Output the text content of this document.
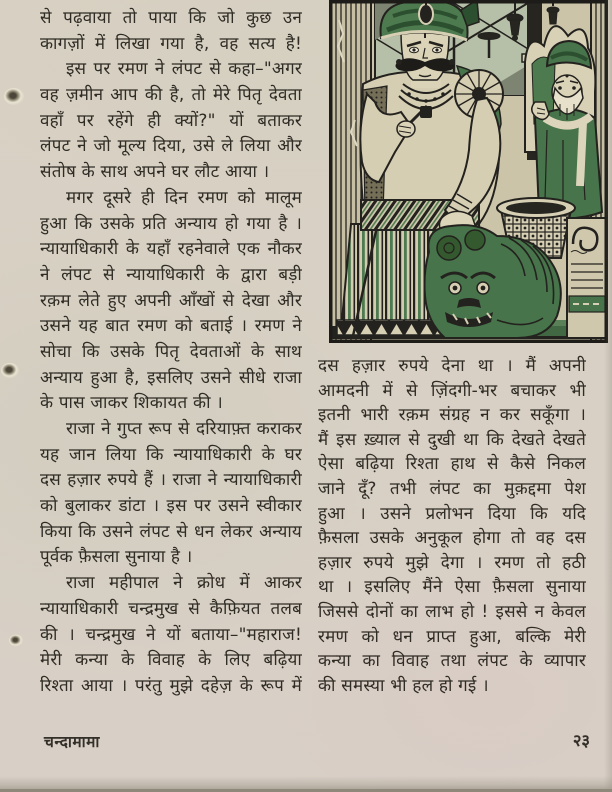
से पढ़वाया तो पाया कि जो कुछ उन
कागज़ों में लिखा गया है, वह सत्य है!
इस पर रमण ने लंपट से कहा–"अगर
वह ज़मीन आप की है, तो मेरे पितृ देवता
वहाँ पर रहेंगे ही क्यों?" यों बताकर
लंपट ने जो मूल्य दिया, उसे ले लिया और
संतोष के साथ अपने घर लौट आया ।
मगर दूसरे ही दिन रमण को मालूम
हुआ कि उसके प्रति अन्याय हो गया है ।
न्यायाधिकारी के यहाँ रहनेवाले एक नौकर
ने लंपट से न्यायाधिकारी के द्वारा बड़ी
रक़म लेते हुए अपनी आँखों से देखा और
उसने यह बात रमण को बताई । रमण ने
सोचा कि उसके पितृ देवताओं के साथ
अन्याय हुआ है, इसलिए उसने सीधे राजा
के पास जाकर शिकायत की ।
राजा ने गुप्त रूप से दरियाफ़्त कराकर
यह जान लिया कि न्यायाधिकारी के घर
दस हज़ार रुपये हैं । राजा ने न्यायाधिकारी
को बुलाकर डांटा । इस पर उसने स्वीकार
किया कि उसने लंपट से धन लेकर अन्याय
पूर्वक फ़ैसला सुनाया है ।
राजा महीपाल ने क्रोध में आकर
न्यायाधिकारी चन्द्रमुख से कैफ़ियत तलब
की । चन्द्रमुख ने यों बताया–"महाराज!
मेरी कन्या के विवाह के लिए बढ़िया
रिश्ता आया । परंतु मुझे दहेज़ के रूप में
दस हज़ार रुपये देना था । मैं अपनी
आमदनी में से ज़िंदगी-भर बचाकर भी
इतनी भारी रक़म संग्रह न कर सकूँगा ।
मैं इस ख़्याल से दुखी था कि देखते देखते
ऐसा बढ़िया रिश्ता हाथ से कैसे निकल
जाने दूँ? तभी लंपट का मुक़द्दमा पेश
हुआ । उसने प्रलोभन दिया कि यदि
फ़ैसला उसके अनुकूल होगा तो वह दस
हज़ार रुपये मुझे देगा । रमण तो हठी
था । इसलिए मैंने ऐसा फ़ैसला सुनाया
जिससे दोनों का लाभ हो ! इससे न केवल
रमण को धन प्राप्त हुआ, बल्कि मेरी
कन्या का विवाह तथा लंपट के व्यापार
की समस्या भी हल हो गई ।
चन्दामामा	२३
